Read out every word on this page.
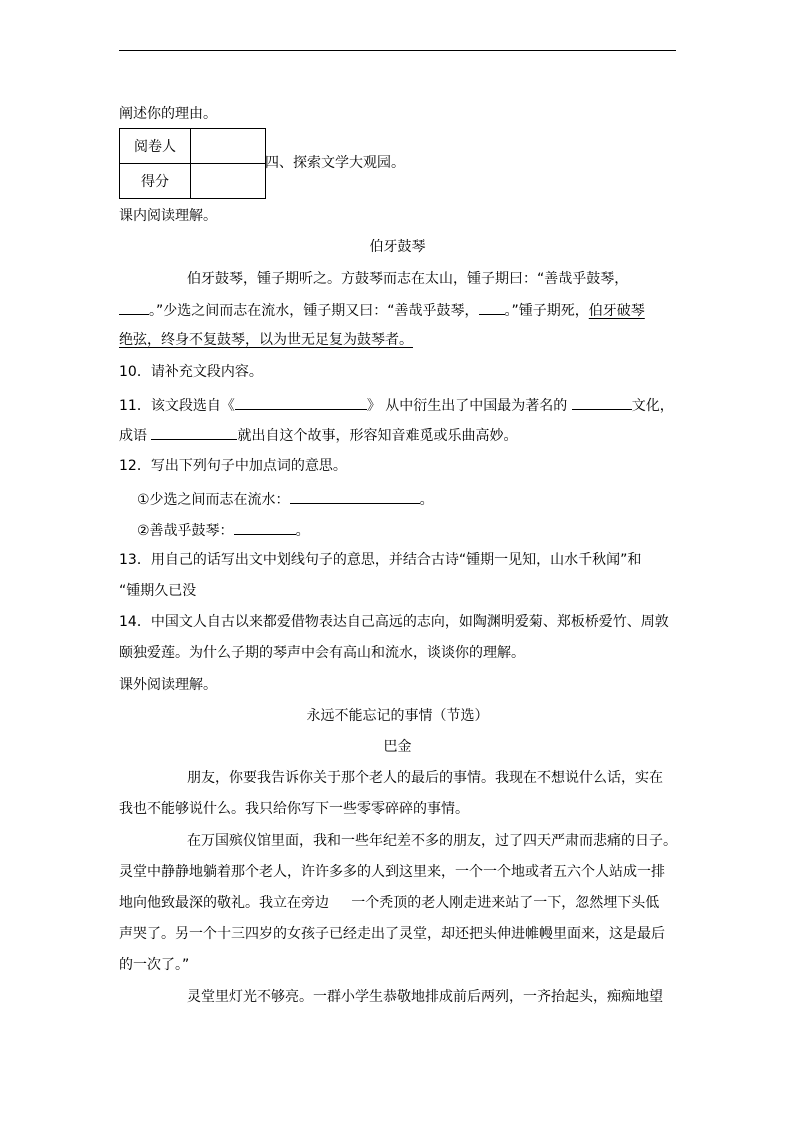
阐述你的理由。
阅卷人	
得分	
四、探索文学大观园。
课内阅读理解。
伯牙鼓琴
伯牙鼓琴，锺子期听之。方鼓琴而志在太山，锺子期曰：“善哉乎鼓琴，
。”少选之间而志在流水，锺子期又曰：“善哉乎鼓琴， 。”锺子期死，伯牙破琴
绝弦，终身不复鼓琴，以为世无足复为鼓琴者。
10．请补充文段内容。
11．该文段选自《	》 从中衍生出了中国最为著名的	文化，
成语	就出自这个故事，形容知音难觅或乐曲高妙。
12．写出下列句子中加点词的意思。
①少选之间而志在流水：	。
②善哉乎鼓琴：	。
13．用自己的话写出文中划线句子的意思，并结合古诗“锺期一见知，山水千秋闻”和
“锺期久已没
14．中国文人自古以来都爱借物表达自己高远的志向，如陶渊明爱菊、郑板桥爱竹、周敦
颐独爱莲。为什么子期的琴声中会有高山和流水，谈谈你的理解。
课外阅读理解。
永远不能忘记的事情（节选）
巴金
朋友，你要我告诉你关于那个老人的最后的事情。我现在不想说什么话，实在
我也不能够说什么。我只给你写下一些零零碎碎的事情。
在万国殡仪馆里面，我和一些年纪差不多的朋友，过了四天严肃而悲痛的日子。
灵堂中静静地躺着那个老人，许许多多的人到这里来，一个一个地或者五六个人站成一排
地向他致最深的敬礼。我立在旁边     一个秃顶的老人刚走进来站了一下，忽然埋下头低
声哭了。另一个十三四岁的女孩子已经走出了灵堂，却还把头伸进帷幔里面来，这是最后
的一次了。”
灵堂里灯光不够亮。一群小学生恭敬地排成前后两列，一齐抬起头，痴痴地望
